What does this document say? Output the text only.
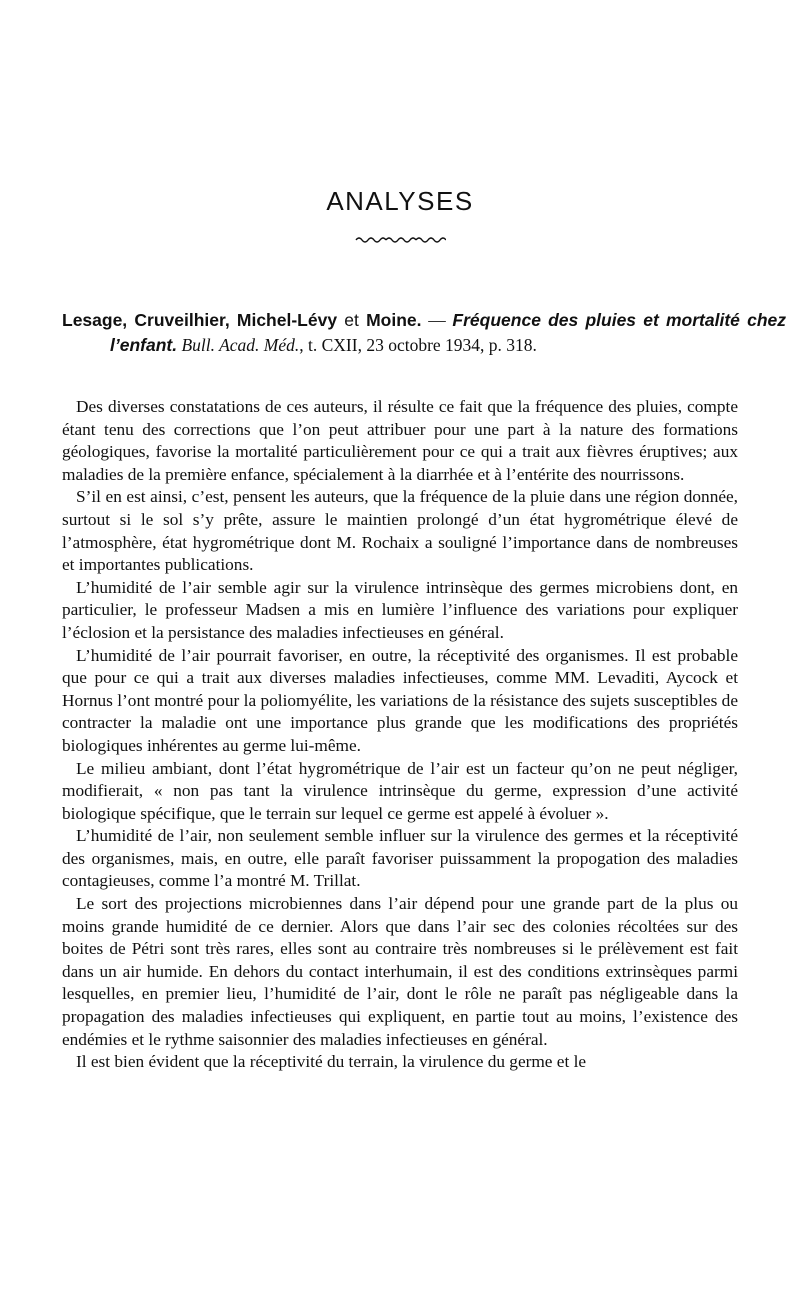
ANALYSES
Lesage, Cruveilhier, Michel-Lévy et Moine. — Fréquence des pluies et mortalité chez l’enfant. Bull. Acad. Méd., t. CXII, 23 octobre 1934, p. 318.

Des diverses constatations de ces auteurs, il résulte ce fait que la fréquence des pluies, compte étant tenu des corrections que l’on peut attribuer pour une part à la nature des formations géologiques, favorise la mortalité particulièrement pour ce qui a trait aux fièvres éruptives; aux maladies de la première enfance, spécialement à la diarrhée et à l’entérite des nourrissons.

S’il en est ainsi, c’est, pensent les auteurs, que la fréquence de la pluie dans une région donnée, surtout si le sol s’y prête, assure le maintien prolongé d’un état hygrométrique élevé de l’atmosphère, état hygrométrique dont M. Rochaix a souligné l’importance dans de nombreuses et importantes publications.

L’humidité de l’air semble agir sur la virulence intrinsèque des germes microbiens dont, en particulier, le professeur Madsen a mis en lumière l’influence des variations pour expliquer l’éclosion et la persistance des maladies infectieuses en général.

L’humidité de l’air pourrait favoriser, en outre, la réceptivité des organismes. Il est probable que pour ce qui a trait aux diverses maladies infectieuses, comme MM. Levaditi, Aycock et Hornus l’ont montré pour la poliomyélite, les variations de la résistance des sujets susceptibles de contracter la maladie ont une importance plus grande que les modifications des propriétés biologiques inhérentes au germe lui-même.

Le milieu ambiant, dont l’état hygrométrique de l’air est un facteur qu’on ne peut négliger, modifierait, « non pas tant la virulence intrinsèque du germe, expression d’une activité biologique spécifique, que le terrain sur lequel ce germe est appelé à évoluer ».

L’humidité de l’air, non seulement semble influer sur la virulence des germes et la réceptivité des organismes, mais, en outre, elle paraît favoriser puissamment la propogation des maladies contagieuses, comme l’a montré M. Trillat.

Le sort des projections microbiennes dans l’air dépend pour une grande part de la plus ou moins grande humidité de ce dernier. Alors que dans l’air sec des colonies récoltées sur des boites de Pétri sont très rares, elles sont au contraire très nombreuses si le prélèvement est fait dans un air humide. En dehors du contact interhumain, il est des conditions extrinsèques parmi lesquelles, en premier lieu, l’humidité de l’air, dont le rôle ne paraît pas négligeable dans la propagation des maladies infectieuses qui expliquent, en partie tout au moins, l’existence des endémies et le rythme saisonnier des maladies infectieuses en général.

Il est bien évident que la réceptivité du terrain, la virulence du germe et le
